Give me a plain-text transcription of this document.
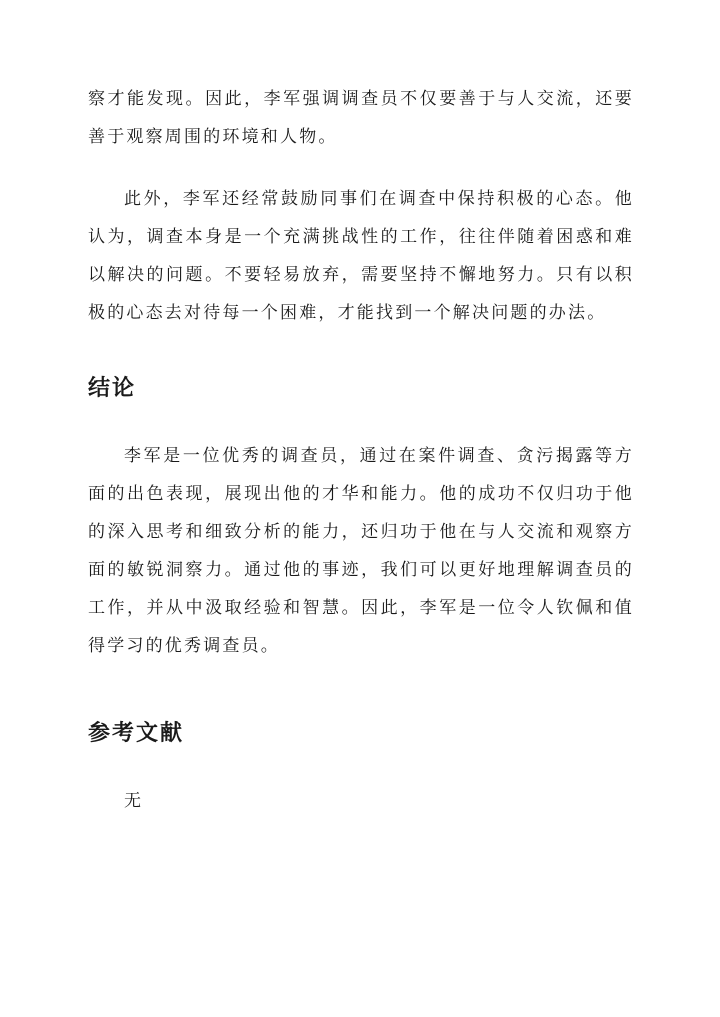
察才能发现。因此，李军强调调查员不仅要善于与人交流，还要善于观察周围的环境和人物。

此外，李军还经常鼓励同事们在调查中保持积极的心态。他认为，调查本身是一个充满挑战性的工作，往往伴随着困惑和难以解决的问题。不要轻易放弃，需要坚持不懈地努力。只有以积极的心态去对待每一个困难，才能找到一个解决问题的办法。

结论

李军是一位优秀的调查员，通过在案件调查、贪污揭露等方面的出色表现，展现出他的才华和能力。他的成功不仅归功于他的深入思考和细致分析的能力，还归功于他在与人交流和观察方面的敏锐洞察力。通过他的事迹，我们可以更好地理解调查员的工作，并从中汲取经验和智慧。因此，李军是一位令人钦佩和值得学习的优秀调查员。

参考文献

无
